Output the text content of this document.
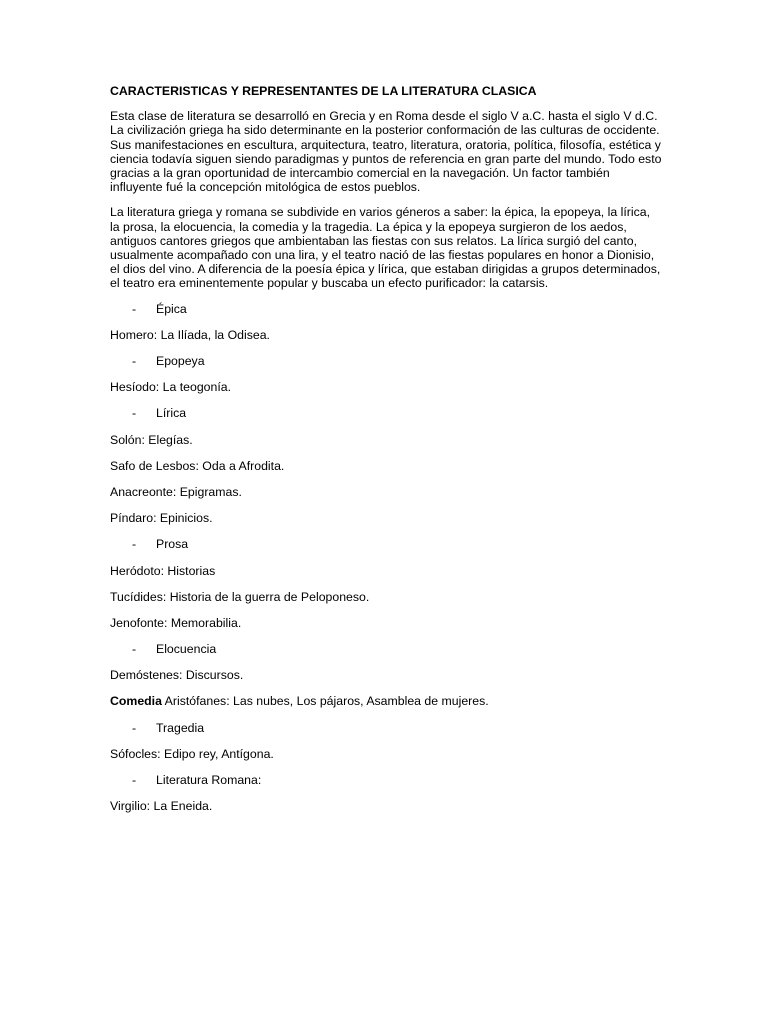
CARACTERISTICAS Y REPRESENTANTES DE LA LITERATURA CLASICA

Esta clase de literatura se desarrolló en Grecia y en Roma desde el siglo V a.C. hasta el siglo V d.C. La civilización griega ha sido determinante en la posterior conformación de las culturas de occidente. Sus manifestaciones en escultura, arquitectura, teatro, literatura, oratoria, política, filosofía, estética y ciencia todavía siguen siendo paradigmas y puntos de referencia en gran parte del mundo. Todo esto gracias a la gran oportunidad de intercambio comercial en la navegación. Un factor también influyente fué la concepción mitológica de estos pueblos.

La literatura griega y romana se subdivide en varios géneros a saber: la épica, la epopeya, la lírica, la prosa, la elocuencia, la comedia y la tragedia. La épica y la epopeya surgieron de los aedos, antiguos cantores griegos que ambientaban las fiestas con sus relatos. La lírica surgió del canto, usualmente acompañado con una lira, y el teatro nació de las fiestas populares en honor a Dionisio, el dios del vino. A diferencia de la poesía épica y lírica, que estaban dirigidas a grupos determinados, el teatro era eminentemente popular y buscaba un efecto purificador: la catarsis.

-	Épica
Homero: La Ilíada, la Odisea.
-	Epopeya
Hesíodo: La teogonía.
-	Lírica
Solón: Elegías.
Safo de Lesbos: Oda a Afrodita.
Anacreonte: Epigramas.
Píndaro: Epinicios.
-	Prosa
Heródoto: Historias
Tucídides: Historia de la guerra de Peloponeso.
Jenofonte: Memorabilia.
-	Elocuencia
Demóstenes: Discursos.
Comedia Aristófanes: Las nubes, Los pájaros, Asamblea de mujeres.
-	Tragedia
Sófocles: Edipo rey, Antígona.
-	Literatura Romana:
Virgilio: La Eneida.
